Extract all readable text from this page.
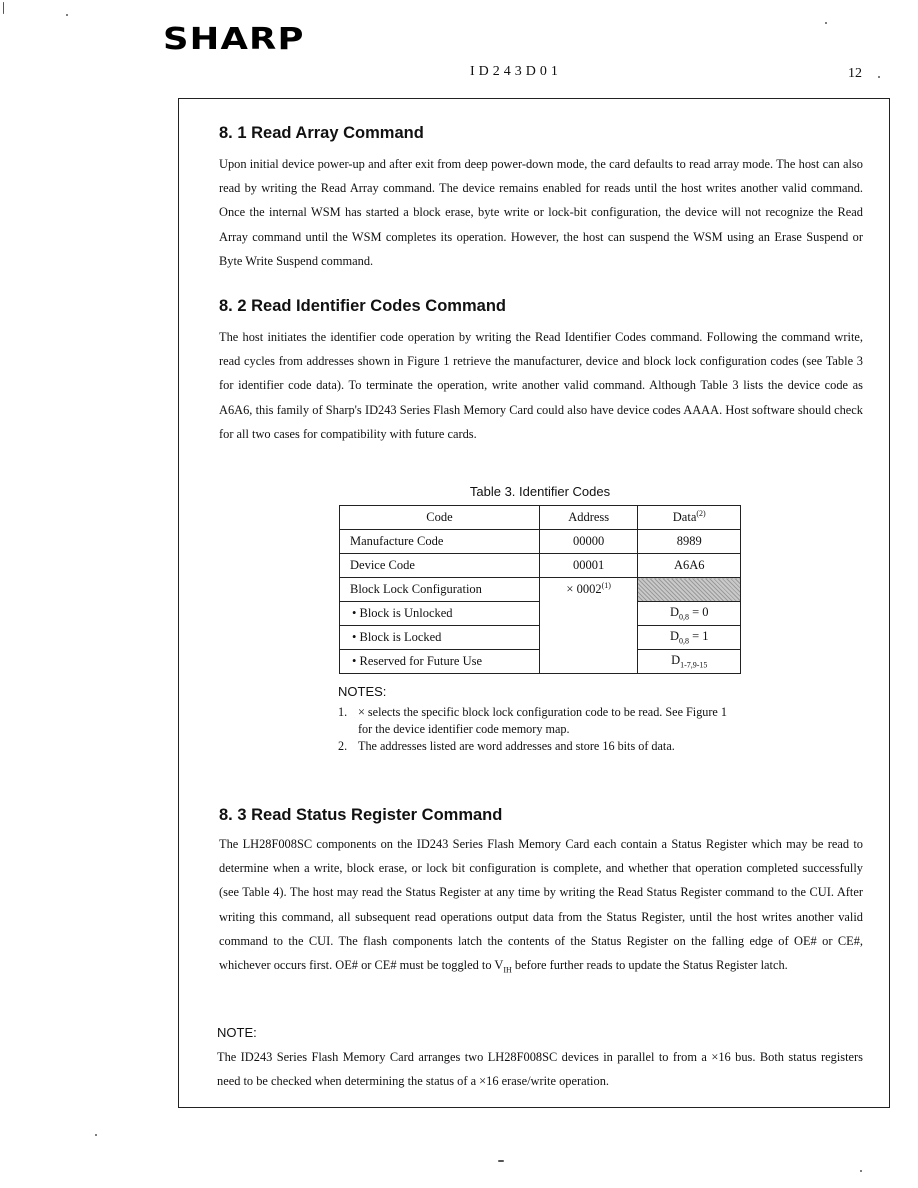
SHARP
ID243D01	12
8. 1 Read Array Command

Upon initial device power-up and after exit from deep power-down mode, the card defaults to read array mode. The host can also read by writing the Read Array command. The device remains enabled for reads until the host writes another valid command. Once the internal WSM has started a block erase, byte write or lock-bit configuration, the device will not recognize the Read Array command until the WSM completes its operation. However, the host can suspend the WSM using an Erase Suspend or Byte Write Suspend command.

8. 2 Read Identifier Codes Command

The host initiates the identifier code operation by writing the Read Identifier Codes command. Following the command write, read cycles from addresses shown in Figure 1 retrieve the manufacturer, device and block lock configuration codes (see Table 3 for identifier code data). To terminate the operation, write another valid command. Although Table 3 lists the device code as A6A6, this family of Sharp's ID243 Series Flash Memory Card could also have device codes AAAA. Host software should check for all two cases for compatibility with future cards.

Table 3. Identifier Codes
Code	Address	Data$^{(2)}$
Manufacture Code	00000	8989
Device Code	00001	A6A6
Block Lock Configuration	× $0002^{(1)}$	
• Block is Unlocked		$D_{0,8} = 0$
• Block is Locked		$D_{0,8} = 1$
• Reserved for Future Use		$D_{1-7,9-15}$
NOTES:
1. × selects the specific block lock configuration code to be read. See Figure 1 for the device identifier code memory map.
2. The addresses listed are word addresses and store 16 bits of data.
8. 3 Read Status Register Command

The LH28F008SC components on the ID243 Series Flash Memory Card each contain a Status Register which may be read to determine when a write, block erase, or lock bit configuration is complete, and whether that operation completed successfully (see Table 4). The host may read the Status Register at any time by writing the Read Status Register command to the CUI. After writing this command, all subsequent read operations output data from the Status Register, until the host writes another valid command to the CUI. The flash components latch the contents of the Status Register on the falling edge of OE# or CE#, whichever occurs first. OE# or CE# must be toggled to $V_{IH}$ before further reads to update the Status Register latch.

NOTE:

The ID243 Series Flash Memory Card arranges two LH28F008SC devices in parallel to from a ×16 bus. Both status registers need to be checked when determining the status of a ×16 erase/write operation.
